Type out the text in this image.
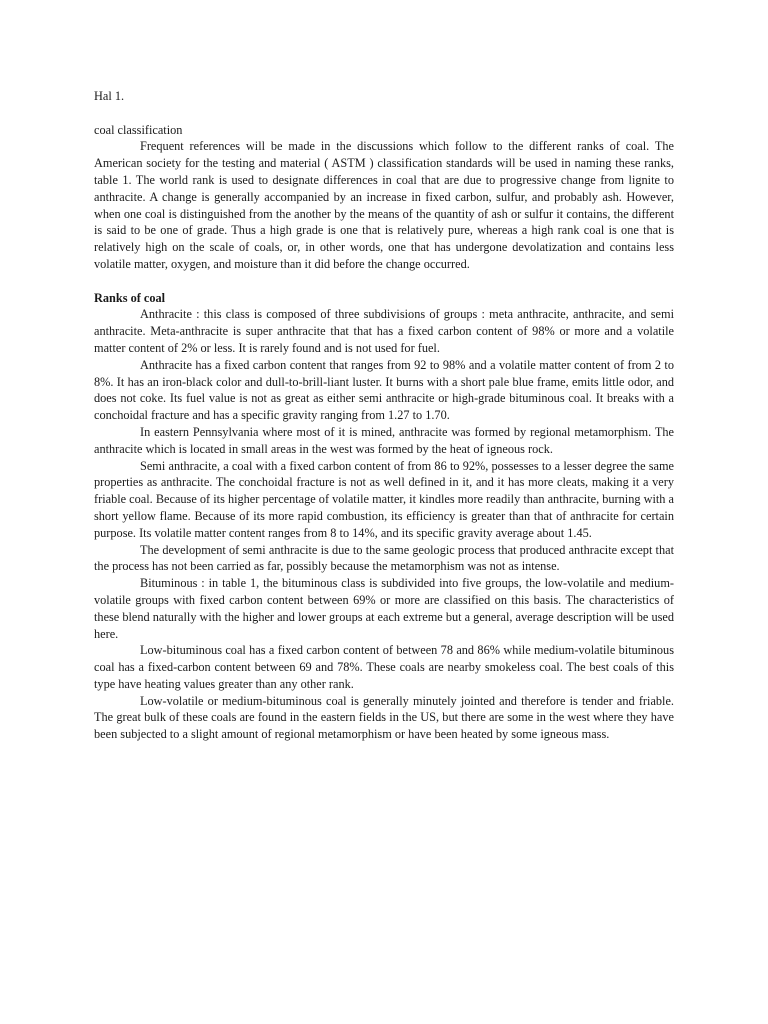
Hal 1.

coal classification

Frequent references will be made in the discussions which follow to the different ranks of coal. The American society for the testing and material ( ASTM ) classification standards will be used in naming these ranks, table 1. The world rank is used to designate differences in coal that are due to progressive change from lignite to anthracite. A change is generally accompanied by an increase in fixed carbon, sulfur, and probably ash. However, when one coal is distinguished from the another by the means of the quantity of ash or sulfur it contains, the different is said to be one of grade. Thus a high grade is one that is relatively pure, whereas a high rank coal is one that is relatively high on the scale of coals, or, in other words, one that has undergone devolatization and contains less volatile matter, oxygen, and moisture than it did before the change occurred.

Ranks of coal

Anthracite : this class is composed of three subdivisions of groups : meta anthracite, anthracite, and semi anthracite. Meta-anthracite is super anthracite that that has a fixed carbon content of 98% or more and a volatile matter content of 2% or less. It is rarely found and is not used for fuel.

Anthracite has a fixed carbon content that ranges from 92 to 98% and a volatile matter content of from 2 to 8%. It has an iron-black color and dull-to-brill-liant luster. It burns with a short pale blue frame, emits little odor, and does not coke. Its fuel value is not as great as either semi anthracite or high-grade bituminous coal. It breaks with a conchoidal fracture and has a specific gravity ranging from 1.27 to 1.70.

In eastern Pennsylvania where most of it is mined, anthracite was formed by regional metamorphism. The anthracite which is located in small areas in the west was formed by the heat of igneous rock.

Semi anthracite, a coal with a fixed carbon content of from 86 to 92%, possesses to a lesser degree the same properties as anthracite. The conchoidal fracture is not as well defined in it, and it has more cleats, making it a very friable coal. Because of its higher percentage of volatile matter, it kindles more readily than anthracite, burning with a short yellow flame. Because of its more rapid combustion, its efficiency is greater than that of anthracite for certain purpose. Its volatile matter content ranges from 8 to 14%, and its specific gravity average about 1.45.

The development of semi anthracite is due to the same geologic process that produced anthracite except that the process has not been carried as far, possibly because the metamorphism was not as intense.

Bituminous : in table 1, the bituminous class is subdivided into five groups, the low-volatile and medium-volatile groups with fixed carbon content between 69% or more are classified on this basis. The characteristics of these blend naturally with the higher and lower groups at each extreme but a general, average description will be used here.

Low-bituminous coal has a fixed carbon content of between 78 and 86% while medium-volatile bituminous coal has a fixed-carbon content between 69 and 78%. These coals are nearby smokeless coal. The best coals of this type have heating values greater than any other rank.

Low-volatile or medium-bituminous coal is generally minutely jointed and therefore is tender and friable. The great bulk of these coals are found in the eastern fields in the US, but there are some in the west where they have been subjected to a slight amount of regional metamorphism or have been heated by some igneous mass.
